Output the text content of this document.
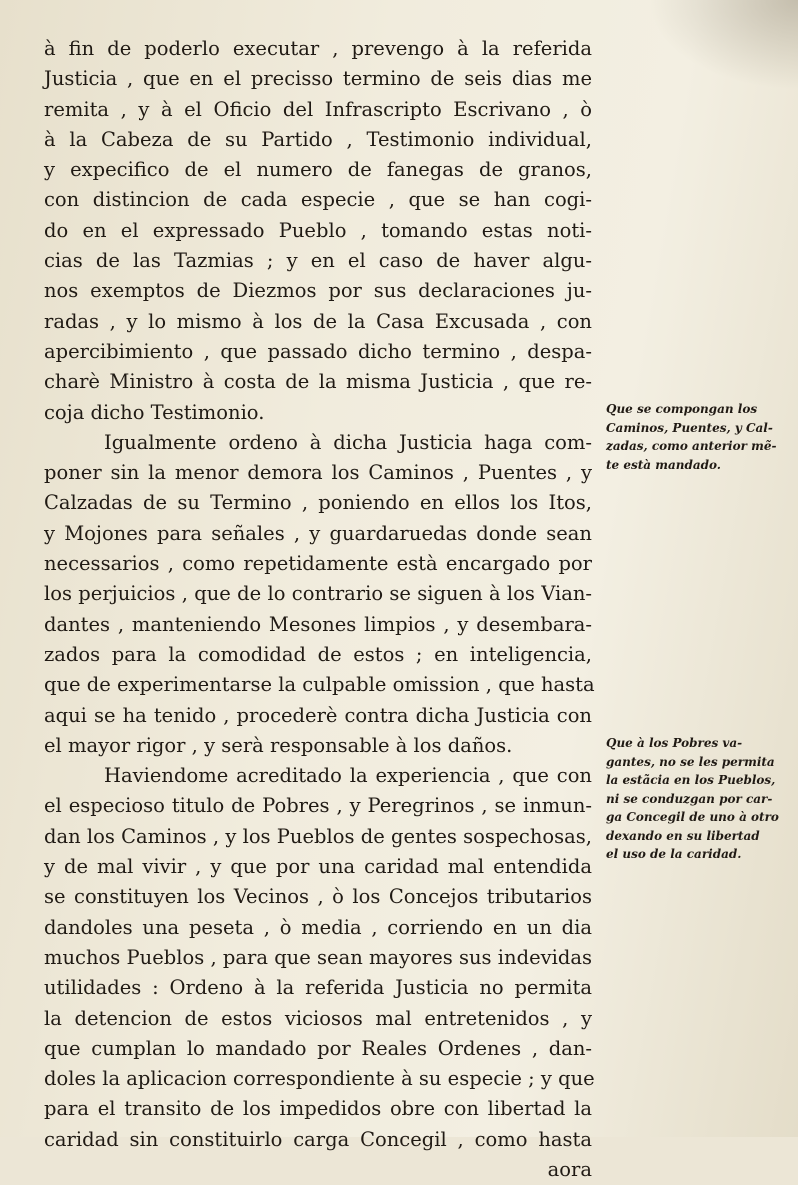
à fin de poderlo executar , prevengo à la referida
Justicia , que en el precisso termino de seis dias me
remita , y à el Oficio del Infrascripto Escrivano , ò
à la Cabeza de su Partido , Testimonio individual,
y expecifico de el numero de fanegas de granos,
con distincion de cada especie , que se han cogi-
do en el expressado Pueblo , tomando estas noti-
cias de las Tazmias ; y en el caso de haver algu-
nos exemptos de Diezmos por sus declaraciones ju-
radas , y lo mismo à los de la Casa Excusada , con
apercibimiento , que passado dicho termino , despa-
charè Ministro à costa de la misma Justicia , que re-
coja dicho Testimonio.
Igualmente ordeno à dicha Justicia haga com-
poner sin la menor demora los Caminos , Puentes , y
Calzadas de su Termino , poniendo en ellos los Itos,
y Mojones para señales , y guardaruedas donde sean
necessarios , como repetidamente està encargado por
los perjuicios , que de lo contrario se siguen à los Vian-
dantes , manteniendo Mesones limpios , y desembara-
zados para la comodidad de estos ; en inteligencia,
que de experimentarse la culpable omission , que hasta
aqui se ha tenido , procederè contra dicha Justicia con
el mayor rigor , y serà responsable à los daños.
Haviendome acreditado la experiencia , que con
el especioso titulo de Pobres , y Peregrinos , se inmun-
dan los Caminos , y los Pueblos de gentes sospechosas,
y de mal vivir , y que por una caridad mal entendida
se constituyen los Vecinos , ò los Concejos tributarios
dandoles una peseta , ò media , corriendo en un dia
muchos Pueblos , para que sean mayores sus indevidas
utilidades : Ordeno à la referida Justicia no permita
la detencion de estos viciosos mal entretenidos , y
que cumplan lo mandado por Reales Ordenes , dan-
doles la aplicacion correspondiente à su especie ; y que
para el transito de los impedidos obre con libertad la
caridad sin constituirlo carga Concegil , como hasta
aora
Que se compongan los
Caminos, Puentes, y Cal-
zadas, como anterior mẽ-
te està mandado.
Que à los Pobres va-
gantes, no se les permita
la estãcia en los Pueblos,
ni se conduzgan por car-
ga Concegil de uno à otro
dexando en su libertad
el uso de la caridad.
